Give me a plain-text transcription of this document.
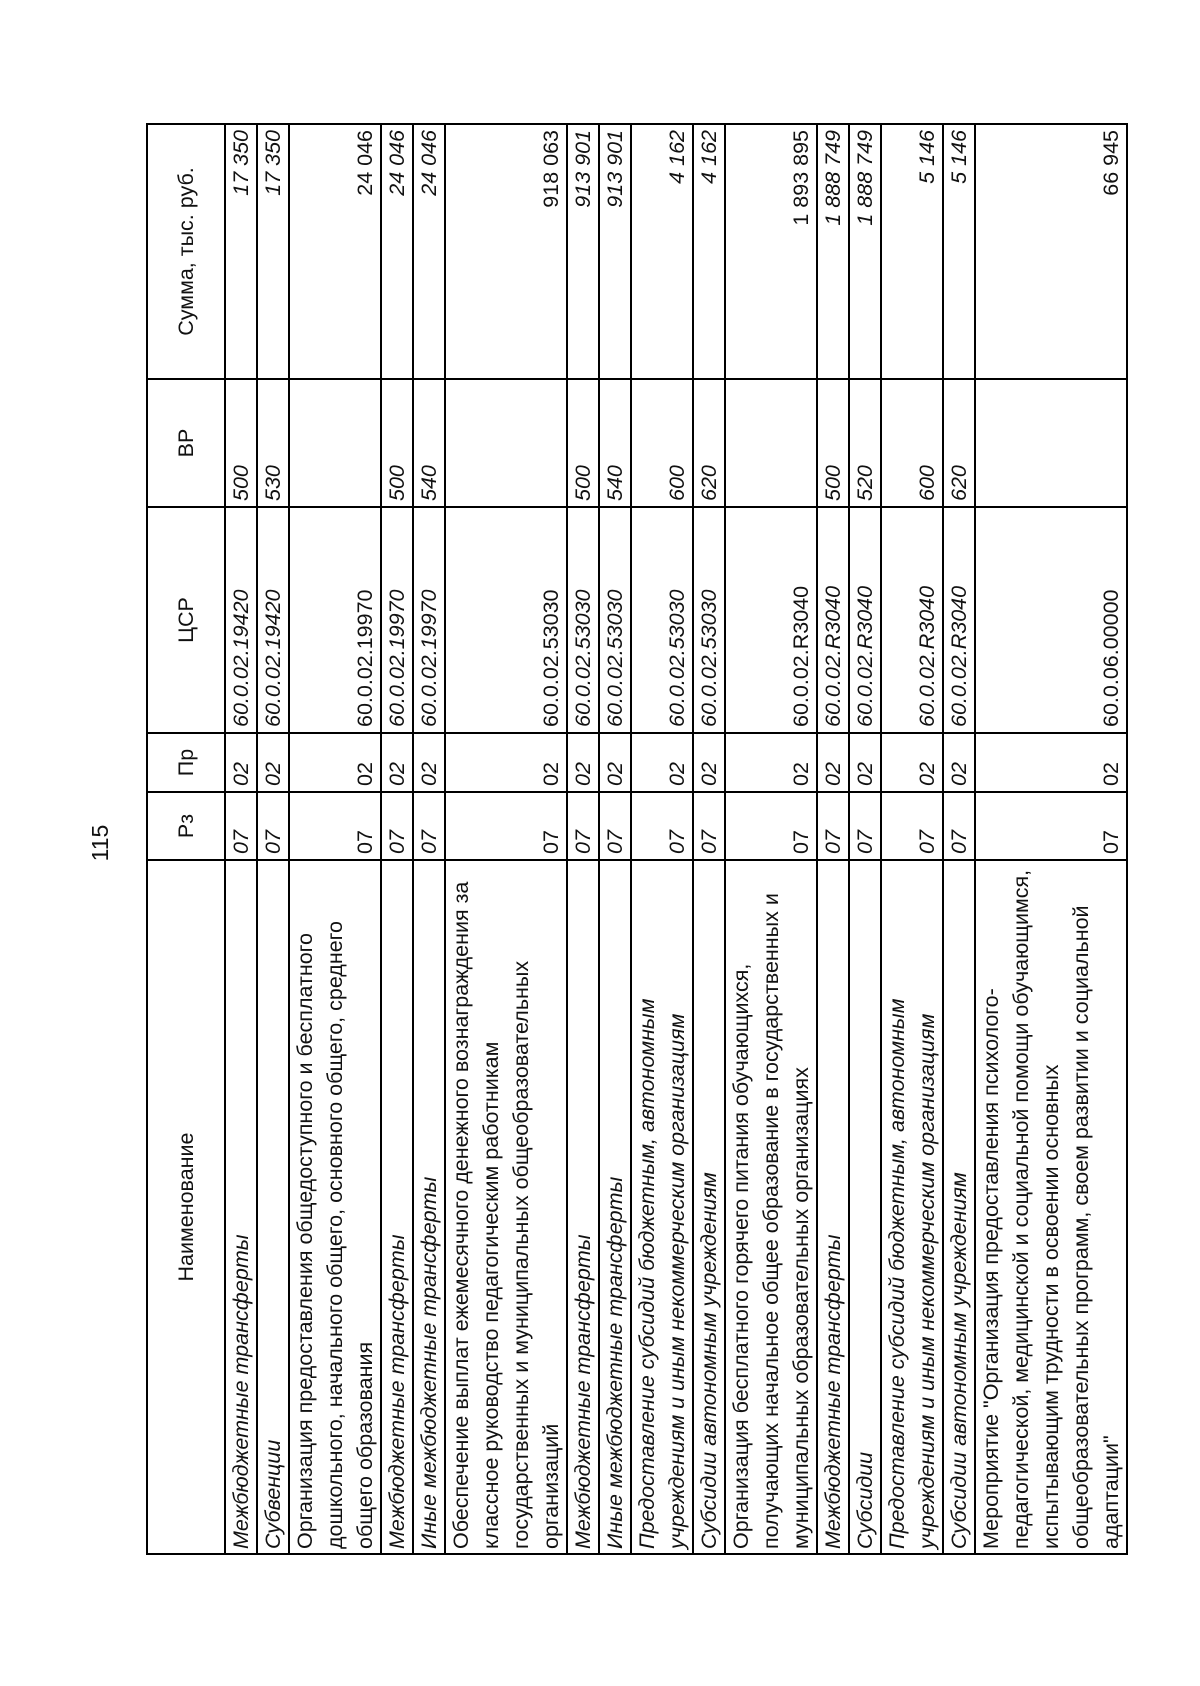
115
Наименование	Рз	Пр	ЦСР	ВР	Сумма, тыс. руб.
Межбюджетные трансферты	07	02	60.0.02.19420	500	17 350
Субвенции	07	02	60.0.02.19420	530	17 350
Организация предоставления общедоступного и бесплатного дошкольного, начального общего, основного общего, среднего общего образования	07	02	60.0.02.19970		24 046
Межбюджетные трансферты	07	02	60.0.02.19970	500	24 046
Иные межбюджетные трансферты	07	02	60.0.02.19970	540	24 046
Обеспечение выплат ежемесячного денежного вознаграждения за классное руководство педагогическим работникам государственных и муниципальных общеобразовательных организаций	07	02	60.0.02.53030		918 063
Межбюджетные трансферты	07	02	60.0.02.53030	500	913 901
Иные межбюджетные трансферты	07	02	60.0.02.53030	540	913 901
Предоставление субсидий бюджетным, автономным учреждениям и иным некоммерческим организациям	07	02	60.0.02.53030	600	4 162
Субсидии автономным учреждениям	07	02	60.0.02.53030	620	4 162
Организация бесплатного горячего питания обучающихся, получающих начальное общее образование в государственных и муниципальных образовательных организациях	07	02	60.0.02.R3040		1 893 895
Межбюджетные трансферты	07	02	60.0.02.R3040	500	1 888 749
Субсидии	07	02	60.0.02.R3040	520	1 888 749
Предоставление субсидий бюджетным, автономным учреждениям и иным некоммерческим организациям	07	02	60.0.02.R3040	600	5 146
Субсидии автономным учреждениям	07	02	60.0.02.R3040	620	5 146
Мероприятие "Организация предоставления психолого-педагогической, медицинской и социальной помощи обучающимся, испытывающим трудности в освоении основных общеобразовательных программ, своем развитии и социальной адаптации"	07	02	60.0.06.00000		66 945
